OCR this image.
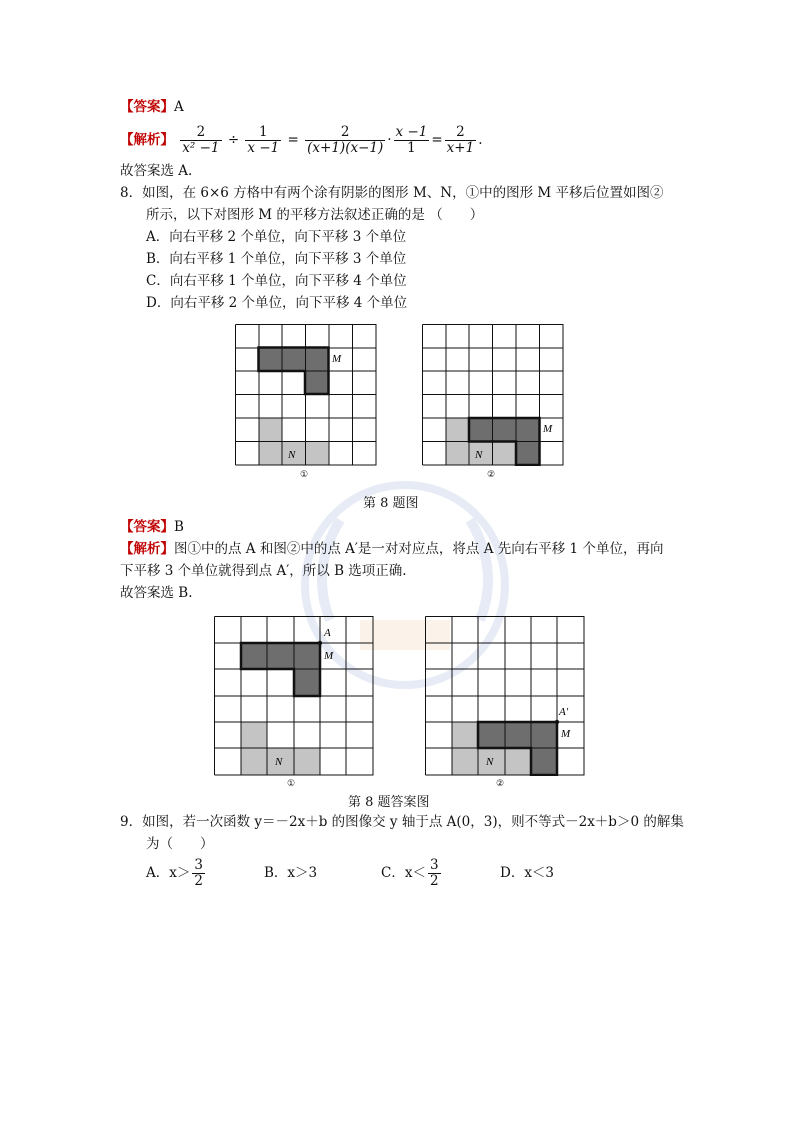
【答案】A
【解析】 $\frac{2}{\text{x² −1}} \div \frac{1}{x -1} = \frac{2}{(x+1)(x-1)} \cdot \frac{x -1}{1} = \frac{2}{x+1}$ .
故答案选 A.
8．如图，在 6×6 方格中有两个涂有阴影的图形 M、N，①中的图形 M 平移后位置如图②
所示，以下对图形 M 的平移方法叙述正确的是 （　　）
A．向右平移 2 个单位，向下平移 3 个单位
B．向右平移 1 个单位，向下平移 3 个单位
C．向右平移 1 个单位，向下平移 4 个单位
D．向右平移 2 个单位，向下平移 4 个单位
M
N
①
M
N
②
第 8 题图
【答案】B
【解析】图①中的点 A 和图②中的点 A′是一对对应点，将点 A 先向右平移 1 个单位，再向
下平移 3 个单位就得到点 A′，所以 B 选项正确.
故答案选 B.
A
M
N
①
A′
M
N
②
第 8 题答案图
9．如图，若一次函数 y＝－2x＋b 的图像交 y 轴于点 A(0，3)，则不等式－2x＋b＞0 的解集
为（　　）
A．$x> \frac{3}{2}$	B．x＞3	C．$x< \frac{3}{2}$	D．x＜3
